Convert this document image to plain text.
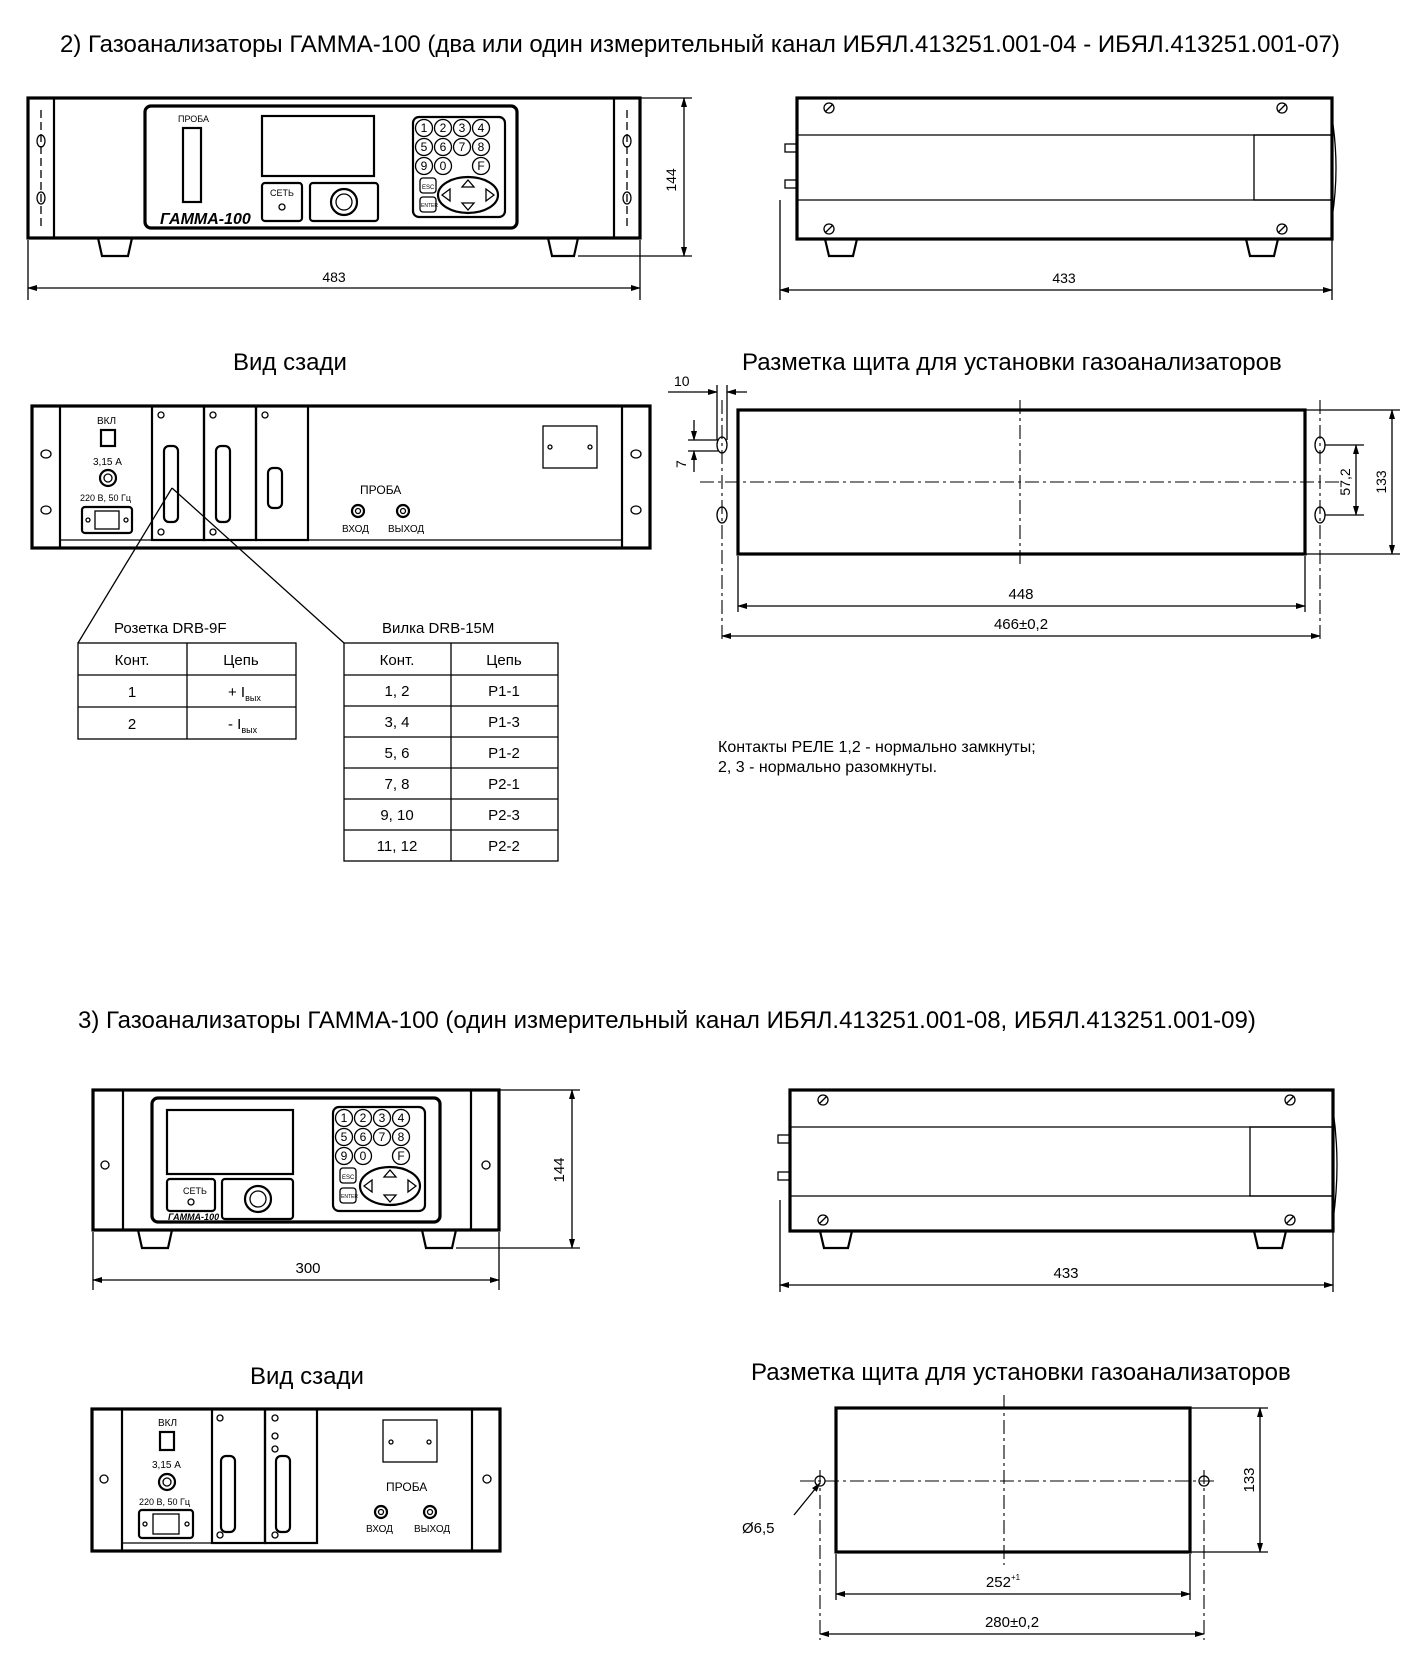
2) Газоанализаторы ГАММА-100 (два или один измерительный канал ИБЯЛ.413251.001-04 - ИБЯЛ.413251.001-07)
ПРОБА
СЕТЬ
ГАММА-100
1 2 3 4
5 6 7 8
9 0	F
ESC
ENTER
483
144
433
Вид сзади
ВКЛ
3,15 А
220 В, 50 Гц
ПРОБА
ВХОД ВЫХОД
Розетка DRB-9F
Конт.	Цепь
1	+ $I_{вых}$
2	- $I_{вых}$
Вилка DRB-15M
Конт.	Цепь
1, 2	Р1-1
3, 4	Р1-3
5, 6	Р1-2
7, 8	Р2-1
9, 10	Р2-3
11, 12	Р2-2
Контакты РЕЛЕ 1,2 - нормально замкнуты;
2, 3 - нормально разомкнуты.
Разметка щита для установки газоанализаторов
10
7
57,2 133
448
466±0,2
3) Газоанализаторы ГАММА-100 (один измерительный канал ИБЯЛ.413251.001-08, ИБЯЛ.413251.001-09)
СЕТЬ
ГАММА-100
1 2 3 4
5 6 7 8
9 0	F
ESC
ENTER
300
144
433
Вид сзади
ВКЛ
3,15 А
220 В, 50 Гц
ПРОБА
ВХОД ВЫХОД
Разметка щита для установки газоанализаторов
Ø6,5
133
$252^{+1}$
280±0,2
